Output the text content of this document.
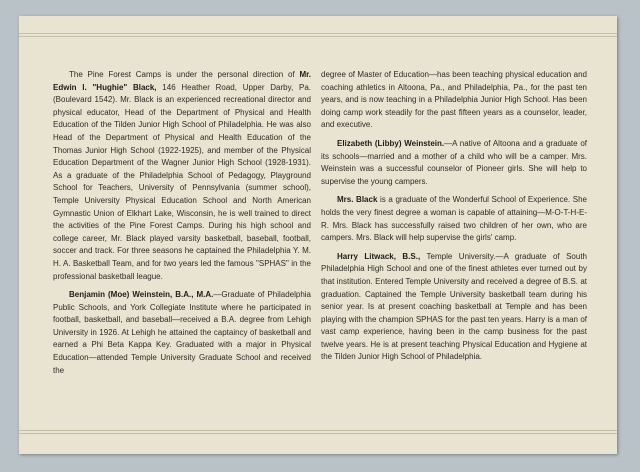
The Pine Forest Camps is under the personal direction of Mr. Edwin I. "Hughie" Black, 146 Heather Road, Upper Darby, Pa. (Boulevard 1542). Mr. Black is an experienced recreational director and physical educator, Head of the Department of Physical and Health Education of the Tilden Junior High School of Philadelphia. He was also Head of the Department of Physical and Health Education of the Thomas Junior High School (1922-1925), and member of the Physical Education Department of the Wagner Junior High School (1928-1931). As a graduate of the Philadelphia School of Pedagogy, Playground School for Teachers, University of Pennsylvania (summer school), Temple University Physical Education School and North American Gymnastic Union of Elkhart Lake, Wisconsin, he is well trained to direct the activities of the Pine Forest Camps. During his high school and college career, Mr. Black played varsity basketball, baseball, football, soccer and track. For three seasons he captained the Philadelphia Y. M. H. A. Basketball Team, and for two years led the famous "SPHAS" in the professional basketball league.

Benjamin (Moe) Weinstein, B.A., M.A.—Graduate of Philadelphia Public Schools, and York Collegiate Institute where he participated in football, basketball, and baseball—received a B.A. degree from Lehigh University in 1926. At Lehigh he attained the captaincy of basketball and earned a Phi Beta Kappa Key. Graduated with a major in Physical Education—attended Temple University Graduate School and received the

degree of Master of Education—has been teaching physical education and coaching athletics in Altoona, Pa., and Philadelphia, Pa., for the past ten years, and is now teaching in a Philadelphia Junior High School. Has been doing camp work steadily for the past fifteen years as a counselor, leader, and executive.

Elizabeth (Libby) Weinstein.—A native of Altoona and a graduate of its schools—married and a mother of a child who will be a camper. Mrs. Weinstein was a successful counselor of Pioneer girls. She will help to supervise the young campers.

Mrs. Black is a graduate of the Wonderful School of Experience. She holds the very finest degree a woman is capable of attaining—M-O-T-H-E-R. Mrs. Black has successfully raised two children of her own, who are campers. Mrs. Black will help supervise the girls' camp.

Harry Litwack, B.S., Temple University.—A graduate of South Philadelphia High School and one of the finest athletes ever turned out by that institution. Entered Temple University and received a degree of B.S. at graduation. Captained the Temple University basketball team during his senior year. Is at present coaching basketball at Temple and has been playing with the champion SPHAS for the past ten years. Harry is a man of vast camp experience, having been in the camp business for the past twelve years. He is at present teaching Physical Education and Hygiene at the Tilden Junior High School of Philadelphia.
